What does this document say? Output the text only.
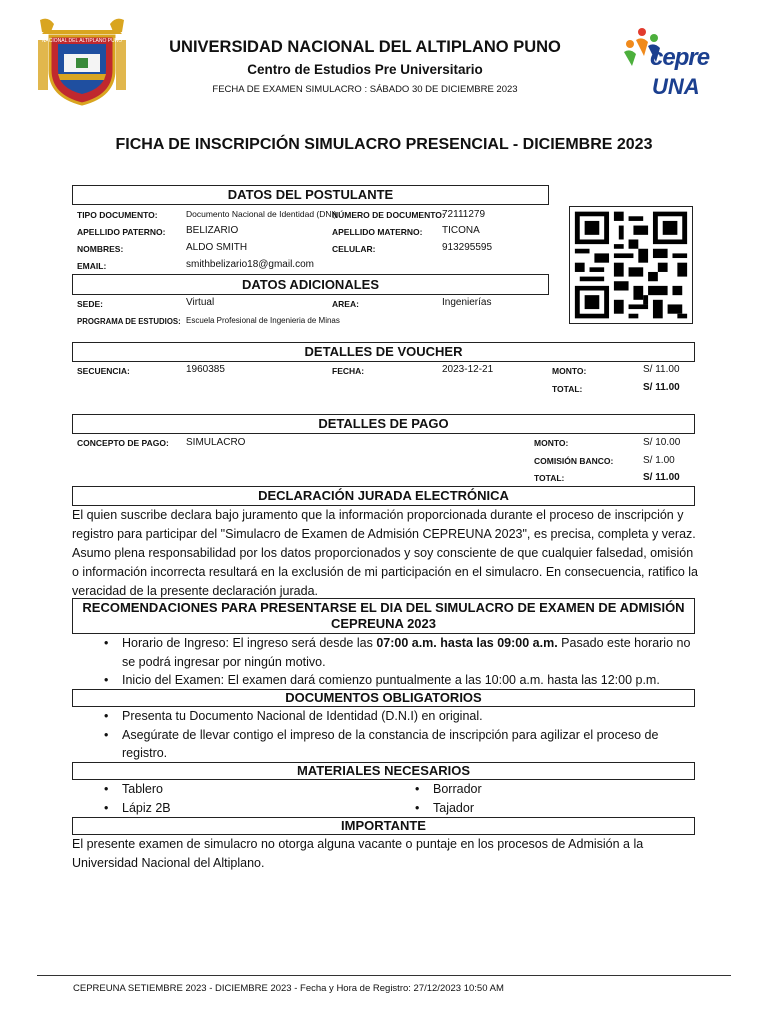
NACIONAL DEL ALTIPLANO PUNO	UNIVERSIDAD NACIONAL DEL ALTIPLANO PUNO
Centro de Estudios Pre Universitario
FECHA DE EXAMEN SIMULACRO : SÁBADO 30 DE DICIEMBRE 2023
cepre
UNA
FICHA DE INSCRIPCIÓN SIMULACRO PRESENCIAL - DICIEMBRE 2023
DATOS DEL POSTULANTE
TIPO DOCUMENTO:	Documento Nacional de Identidad (DNI)
NÚMERO DE DOCUMENTO:
72111279
APELLIDO PATERNO: BELIZARIO	APELLIDO MATERNO: TICONA
NOMBRES:	ALDO SMITH	CELULAR:	913295595
EMAIL:	smithbelizario18@gmail.com
DATOS ADICIONALES
SEDE:	Virtual	AREA:	Ingenierías
PROGRAMA DE ESTUDIOS: Escuela Profesional de Ingenieria de Minas
DETALLES DE VOUCHER
SECUENCIA:	1960385	FECHA:	2023-12-21	MONTO:	S/ 11.00
TOTAL:	S/ 11.00
DETALLES DE PAGO
CONCEPTO DE PAGO: SIMULACRO	MONTO:	S/ 10.00
COMISIÓN BANCO:	S/ 1.00
TOTAL:	S/ 11.00
DECLARACIÓN JURADA ELECTRÓNICA
El quien suscribe declara bajo juramento que la información proporcionada durante el proceso de inscripción y registro para participar del "Simulacro de Examen de Admisión CEPREUNA 2023", es precisa, completa y veraz. Asumo plena responsabilidad por los datos proporcionados y soy consciente de que cualquier falsedad, omisión o información incorrecta resultará en la exclusión de mi participación en el simulacro. En consecuencia, ratifico la veracidad de la presente declaración jurada.
RECOMENDACIONES PARA PRESENTARSE EL DIA DEL SIMULACRO DE EXAMEN DE ADMISIÓN CEPREUNA 2023
• Horario de Ingreso: El ingreso será desde las 07:00 a.m. hasta las 09:00 a.m. Pasado este horario no se podrá ingresar por ningún motivo.
• Inicio del Examen: El examen dará comienzo puntualmente a las 10:00 a.m. hasta las 12:00 p.m.
DOCUMENTOS OBLIGATORIOS
• Presenta tu Documento Nacional de Identidad (D.N.I) en original.
• Asegúrate de llevar contigo el impreso de la constancia de inscripción para agilizar el proceso de registro.
MATERIALES NECESARIOS
• Tablero
• Lápiz 2B
• Borrador
• Tajador
IMPORTANTE
El presente examen de simulacro no otorga alguna vacante o puntaje en los procesos de Admisión a la Universidad Nacional del Altiplano.
CEPREUNA SETIEMBRE 2023 - DICIEMBRE 2023 - Fecha y Hora de Registro: 27/12/2023 10:50 AM
